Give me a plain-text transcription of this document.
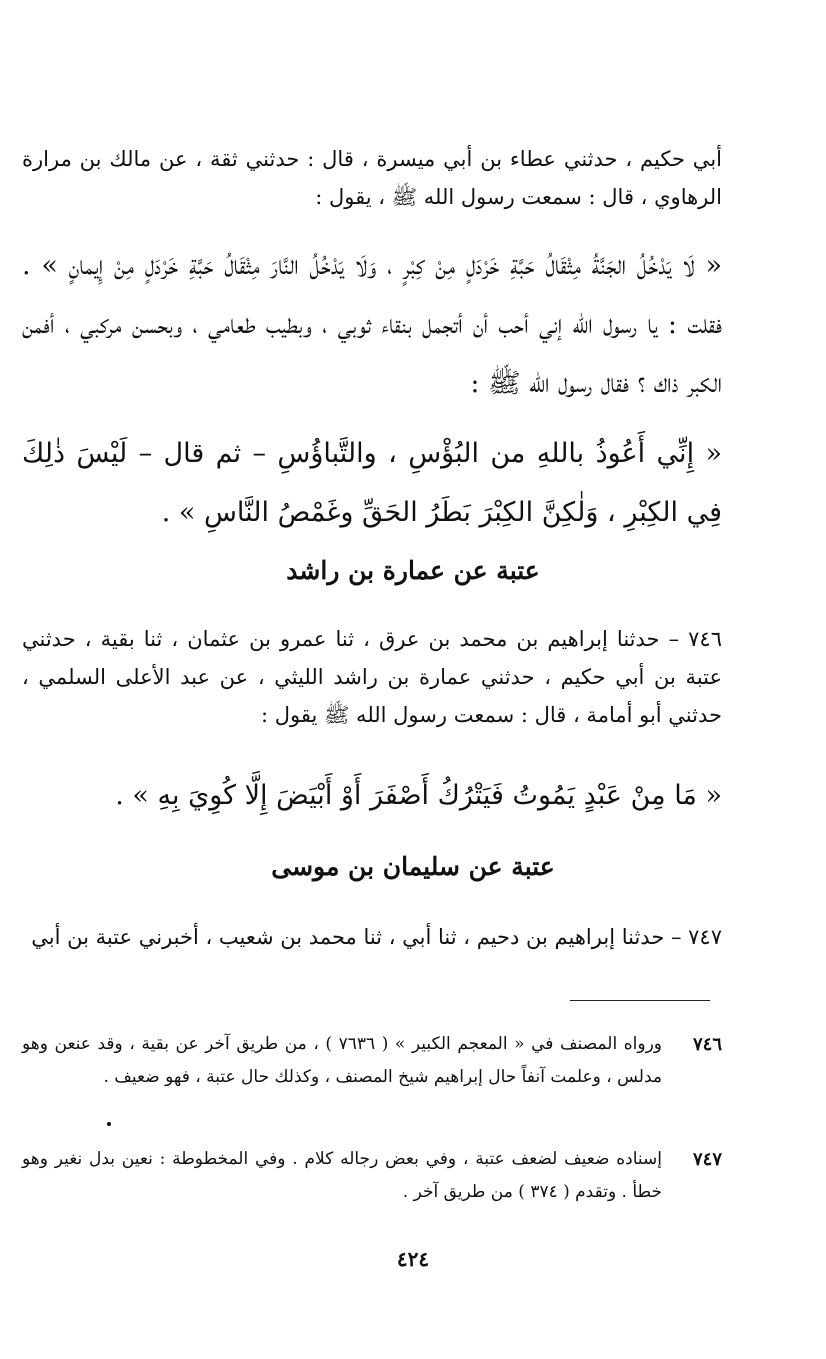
أبي حكيم ، حدثني عطاء بن أبي ميسرة ، قال : حدثني ثقة ، عن مالك بن مرارة الرهاوي ، قال : سمعت رسول الله ﷺ ، يقول :
« لَا يَدْخُلُ الجَنَّةُ مِثْقَالُ حَبَّةِ خَرْدَلٍ مِنْ كِبْرٍ ، وَلَا يَدْخُلُ النَّارَ مِثْقَالُ حَبَّةِ خَرْدَلٍ مِنْ إِيمانٍ » . فقلت : يا رسول الله إني أحب أن أتجمل بنقاء ثوبي ، وبطيب طعامي ، وبحسن مركبي ، أفمن الكبر ذاك ؟ فقال رسول الله ﷺ :
« إِنِّي أَعُوذُ باللهِ من البُؤْسِ ، والتَّباؤُسِ – ثم قال – لَيْسَ ذٰلِكَ فِي الكِبْرِ ، وَلٰكِنَّ الكِبْرَ بَطَرُ الحَقِّ وغَمْصُ النَّاسِ » .
عتبة عن عمارة بن راشد
٧٤٦ – حدثنا إبراهيم بن محمد بن عرق ، ثنا عمرو بن عثمان ، ثنا بقية ، حدثني عتبة بن أبي حكيم ، حدثني عمارة بن راشد الليثي ، عن عبد الأعلى السلمي ، حدثني أبو أمامة ، قال : سمعت رسول الله ﷺ يقول :
« مَا مِنْ عَبْدٍ يَمُوتُ فَيَتْرُكُ أَصْفَرَ أَوْ أَبْيَضَ إِلَّا كُوِيَ بِهِ » .
عتبة عن سليمان بن موسى
٧٤٧ – حدثنا إبراهيم بن دحيم ، ثنا أبي ، ثنا محمد بن شعيب ، أخبرني عتبة بن أبي
٧٤٦
ورواه المصنف في « المعجم الكبير » ( ٧٦٣٦ ) ، من طريق آخر عن بقية ، وقد عنعن وهو مدلس ، وعلمت آنفاً حال إبراهيم شيخ المصنف ، وكذلك حال عتبة ، فهو ضعيف .
٧٤٧
إسناده ضعيف لضعف عتبة ، وفي بعض رجاله كلام . وفي المخطوطة : نعين بدل نغير وهو خطأ . وتقدم ( ٣٧٤ ) من طريق آخر .
٤٢٤
